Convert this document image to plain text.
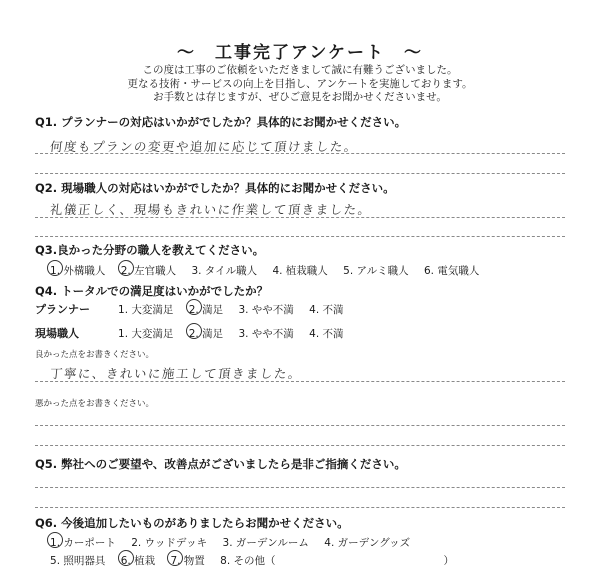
～　工事完了アンケート　～
この度は工事のご依頼をいただきまして誠に有難うございました。
更なる技術・サービスの向上を目指し、アンケートを実施しております。
お手数とは存じますが、ぜひご意見をお聞かせくださいませ。
Q1. プランナーの対応はいかがでしたか？具体的にお聞かせください。
何度もプランの変更や追加に応じて頂けました。
Q2. 現場職人の対応はいかがでしたか？具体的にお聞かせください。
礼儀正しく、現場もきれいに作業して頂きました。
Q3.良かった分野の職人を教えてください。
1. 外構職人 2. 左官職人 3. タイル職人 4. 植栽職人 5. アルミ職人 6. 電気職人
Q4. トータルでの満足度はいかがでしたか？
プランナー	1. 大変満足 2. 満足 3. やや不満 4. 不満
現場職人	1. 大変満足 2. 満足 3. やや不満 4. 不満
良かった点をお書きください。
丁寧に、きれいに施工して頂きました。
悪かった点をお書きください。
Q5. 弊社へのご要望や、改善点がございましたら是非ご指摘ください。
Q6. 今後追加したいものがありましたらお聞かせください。
1. カーポート 2. ウッドデッキ 3. ガーデンルーム 4. ガーデングッズ
5. 照明器具 6. 植栽 7. 物置 8. その他（　　　　　　　　　　　　　　　　）
